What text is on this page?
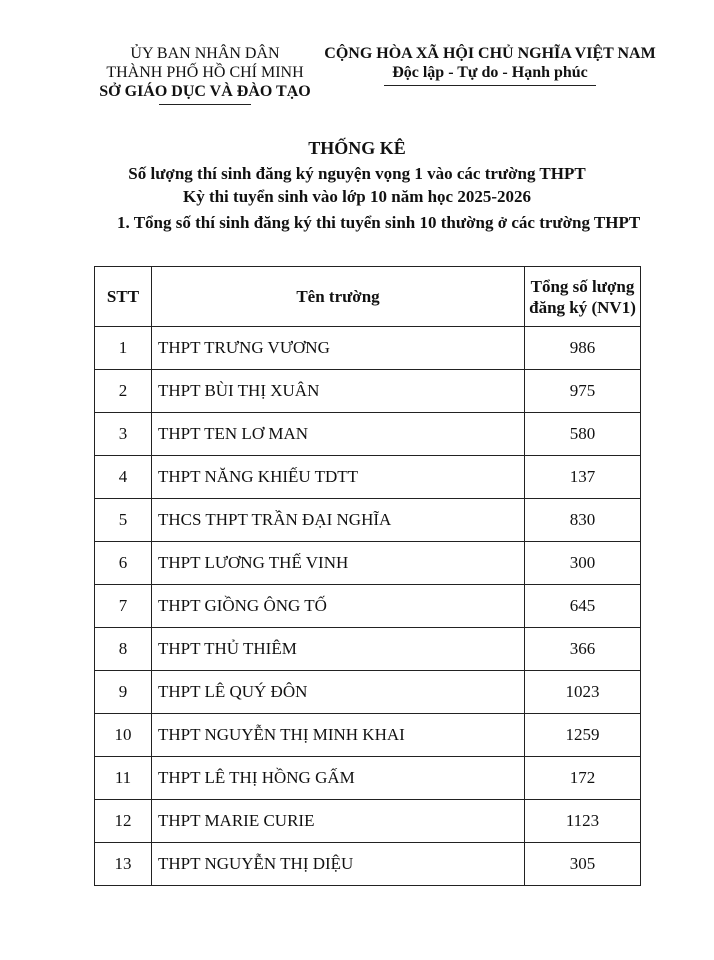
ỦY BAN NHÂN DÂN
THÀNH PHỐ HỒ CHÍ MINH
SỞ GIÁO DỤC VÀ ĐÀO TẠO
CỘNG HÒA XÃ HỘI CHỦ NGHĨA VIỆT NAM
Độc lập - Tự do - Hạnh phúc
THỐNG KÊ
Số lượng thí sinh đăng ký nguyện vọng 1 vào các trường THPT
Kỳ thi tuyển sinh vào lớp 10 năm học 2025-2026
1. Tổng số thí sinh đăng ký thi tuyển sinh 10 thường ở các trường THPT
STT	Tên trường	Tổng số lượng
đăng ký (NV1)

1	THPT TRƯNG VƯƠNG	986
2	THPT BÙI THỊ XUÂN	975
3	THPT TEN LƠ MAN	580
4	THPT NĂNG KHIẾU TDTT	137
5	THCS THPT TRẦN ĐẠI NGHĨA	830
6	THPT LƯƠNG THẾ VINH	300
7	THPT GIỒNG ÔNG TỐ	645
8	THPT THỦ THIÊM	366
9	THPT LÊ QUÝ ĐÔN	1023
10	THPT NGUYỄN THỊ MINH KHAI	1259
11	THPT LÊ THỊ HỒNG GẤM	172
12	THPT MARIE CURIE	1123
13	THPT NGUYỄN THỊ DIỆU	305
